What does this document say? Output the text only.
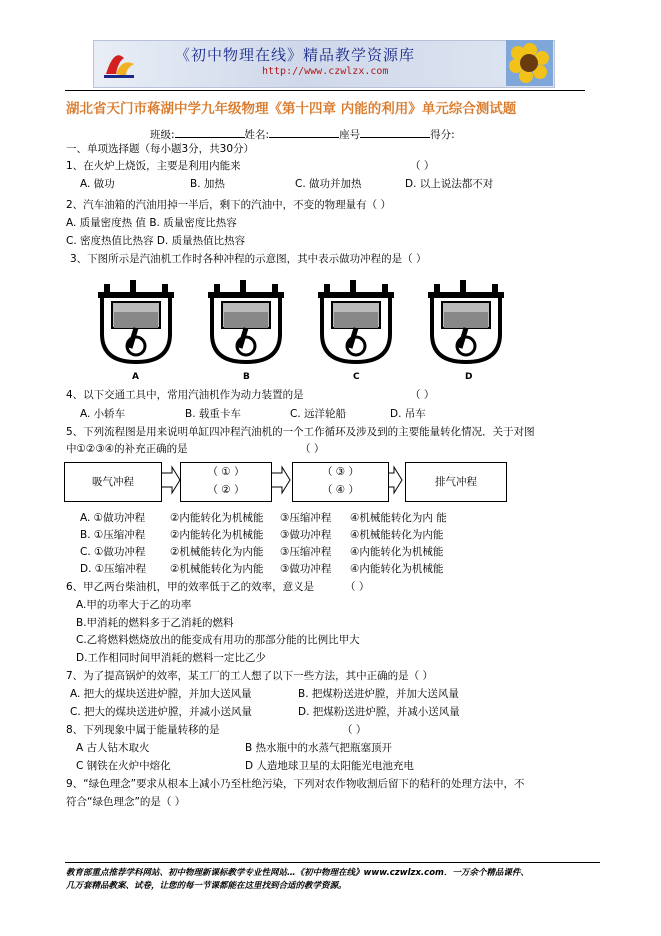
《初中物理在线》精品教学资源库
http://www.czwlzx.com
湖北省天门市蒋湖中学九年级物理《第十四章 内能的利用》单元综合测试题
班级:	姓名:	座号	得分:
一、单项选择题（每小题3分，共30分）
1、在火炉上烧饭，主要是利用内能来	（ ）
A. 做功	B. 加热	C. 做功并加热	D. 以上说法都不对
2、汽车油箱的汽油用掉一半后，剩下的汽油中，不变的物理量有（ ）
A. 质量密度热 值 B. 质量密度比热容
C. 密度热值比热容 D. 质量热值比热容
3、下图所示是汽油机工作时各种冲程的示意图，其中表示做功冲程的是（ ）
A	B	C	D
4、以下交通工具中，常用汽油机作为动力装置的是	（ ）
A. 小轿车	B. 载重卡车	C. 远洋轮船	D. 吊车
5、下列流程图是用来说明单缸四冲程汽油机的一个工作循环及涉及到的主要能量转化情况．关于对图
中①②③④的补充正确的是	（ ）
吸气冲程
（ ① ）
（ ② ）
（ ③ ）
（ ④ ）
排气冲程
A. ①做功冲程 ②内能转化为机械能 ③压缩冲程 ④机械能转化为内 能
B. ①压缩冲程 ②内能转化为机械能 ③做功冲程 ④机械能转化为内能
C. ①做功冲程 ②机械能转化为内能 ③压缩冲程 ④内能转化为机械能
D. ①压缩冲程 ②机械能转化为内能 ③做功冲程 ④内能转化为机械能
6、甲乙两台柴油机，甲的效率低于乙的效率，意义是	（ ）
A.甲的功率大于乙的功率
B.甲消耗的燃料多于乙消耗的燃料
C.乙将燃料燃烧放出的能变成有用功的那部分能的比例比甲大
D.工作相同时间甲消耗的燃料一定比乙少
7、为了提高锅炉的效率，某工厂的工人想了以下一些方法，其中正确的是（ ）
A. 把大的煤块送进炉膛，并加大送风量	B. 把煤粉送进炉膛，并加大送风量
C. 把大的煤块送进炉膛，并减小送风量	D. 把煤粉送进炉膛，并减小送风量
8、下列现象中属于能量转移的是	（ ）
A 古人钻木取火	B 热水瓶中的水蒸气把瓶塞顶开
C 钢铁在火炉中熔化	D 人造地球卫星的太阳能光电池充电
9、“绿色理念”要求从根本上减小乃至杜绝污染，下列对农作物收割后留下的秸秆的处理方法中，不
符合“绿色理念”的是（ ）
教育部重点推荐学科网站、初中物理新课标教学专业性网站…《初中物理在线》www.czwlzx.com．一万余个精品课件、
几万套精品教案、试卷，让您的每一节课都能在这里找到合适的教学资源。
